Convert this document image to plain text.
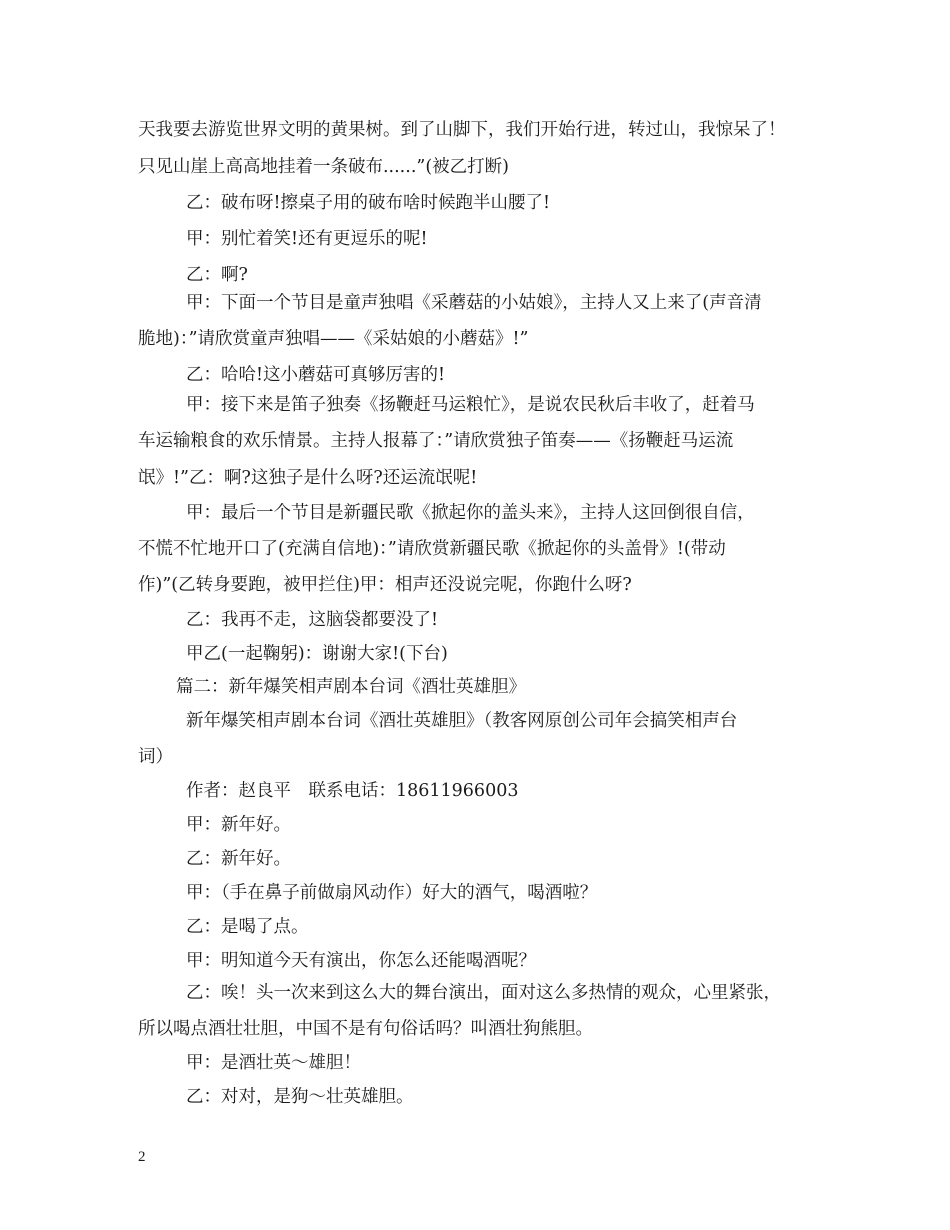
天我要去游览世界文明的黄果树。到了山脚下，我们开始行进，转过山，我惊呆了！
只见山崖上高高地挂着一条破布......”(被乙打断)
乙：破布呀!擦桌子用的破布啥时候跑半山腰了!
甲：别忙着笑!还有更逗乐的呢!
乙：啊?
甲：下面一个节目是童声独唱《采蘑菇的小姑娘》，主持人又上来了(声音清
脆地)：”请欣赏童声独唱——《采姑娘的小蘑菇》!”
乙：哈哈!这小蘑菇可真够厉害的!
甲：接下来是笛子独奏《扬鞭赶马运粮忙》，是说农民秋后丰收了，赶着马
车运输粮食的欢乐情景。主持人报幕了：”请欣赏独子笛奏——《扬鞭赶马运流
氓》!”乙：啊?这独子是什么呀?还运流氓呢!
甲：最后一个节目是新疆民歌《掀起你的盖头来》，主持人这回倒很自信，
不慌不忙地开口了(充满自信地)：”请欣赏新疆民歌《掀起你的头盖骨》!(带动
作)”(乙转身要跑，被甲拦住)甲：相声还没说完呢，你跑什么呀?
乙：我再不走，这脑袋都要没了!
甲乙(一起鞠躬)：谢谢大家!(下台)
篇二：新年爆笑相声剧本台词《酒壮英雄胆》
新年爆笑相声剧本台词《酒壮英雄胆》（教客网原创公司年会搞笑相声台
词）
作者：赵良平　联系电话：18611966003
甲：新年好。
乙：新年好。
甲：（手在鼻子前做扇风动作）好大的酒气，喝酒啦？
乙：是喝了点。
甲：明知道今天有演出，你怎么还能喝酒呢？
乙：唉！头一次来到这么大的舞台演出，面对这么多热情的观众，心里紧张，
所以喝点酒壮壮胆，中国不是有句俗话吗？叫酒壮狗熊胆。
甲：是酒壮英～雄胆！
乙：对对，是狗～壮英雄胆。
2
